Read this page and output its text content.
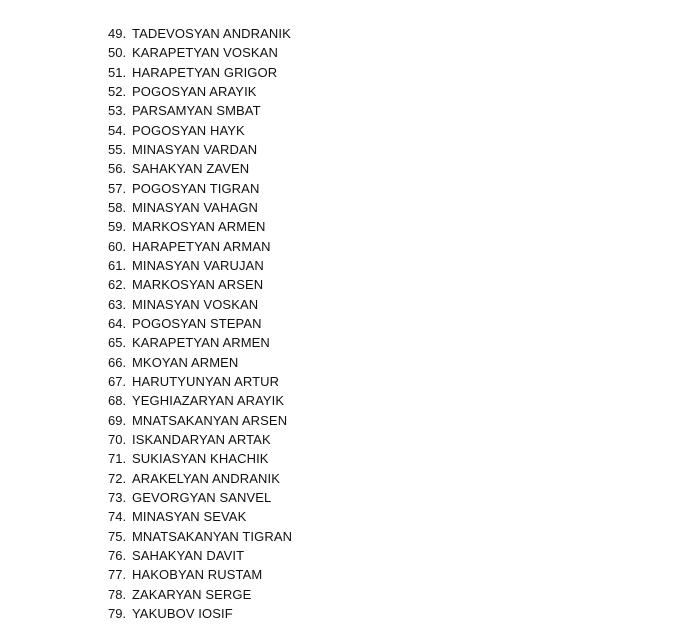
49. TADEVOSYAN ANDRANIK
50. KARAPETYAN VOSKAN
51. HARAPETYAN GRIGOR
52. POGOSYAN ARAYIK
53. PARSAMYAN SMBAT
54. POGOSYAN HAYK
55. MINASYAN VARDAN
56. SAHAKYAN ZAVEN
57. POGOSYAN TIGRAN
58. MINASYAN VAHAGN
59. MARKOSYAN ARMEN
60. HARAPETYAN ARMAN
61. MINASYAN VARUJAN
62. MARKOSYAN ARSEN
63. MINASYAN VOSKAN
64. POGOSYAN STEPAN
65. KARAPETYAN ARMEN
66. MKOYAN ARMEN
67. HARUTYUNYAN ARTUR
68. YEGHIAZARYAN ARAYIK
69. MNATSAKANYAN ARSEN
70. ISKANDARYAN ARTAK
71. SUKIASYAN KHACHIK
72. ARAKELYAN ANDRANIK
73. GEVORGYAN SANVEL
74. MINASYAN SEVAK
75. MNATSAKANYAN TIGRAN
76. SAHAKYAN DAVIT
77. HAKOBYAN RUSTAM
78. ZAKARYAN SERGE
79. YAKUBOV IOSIF
